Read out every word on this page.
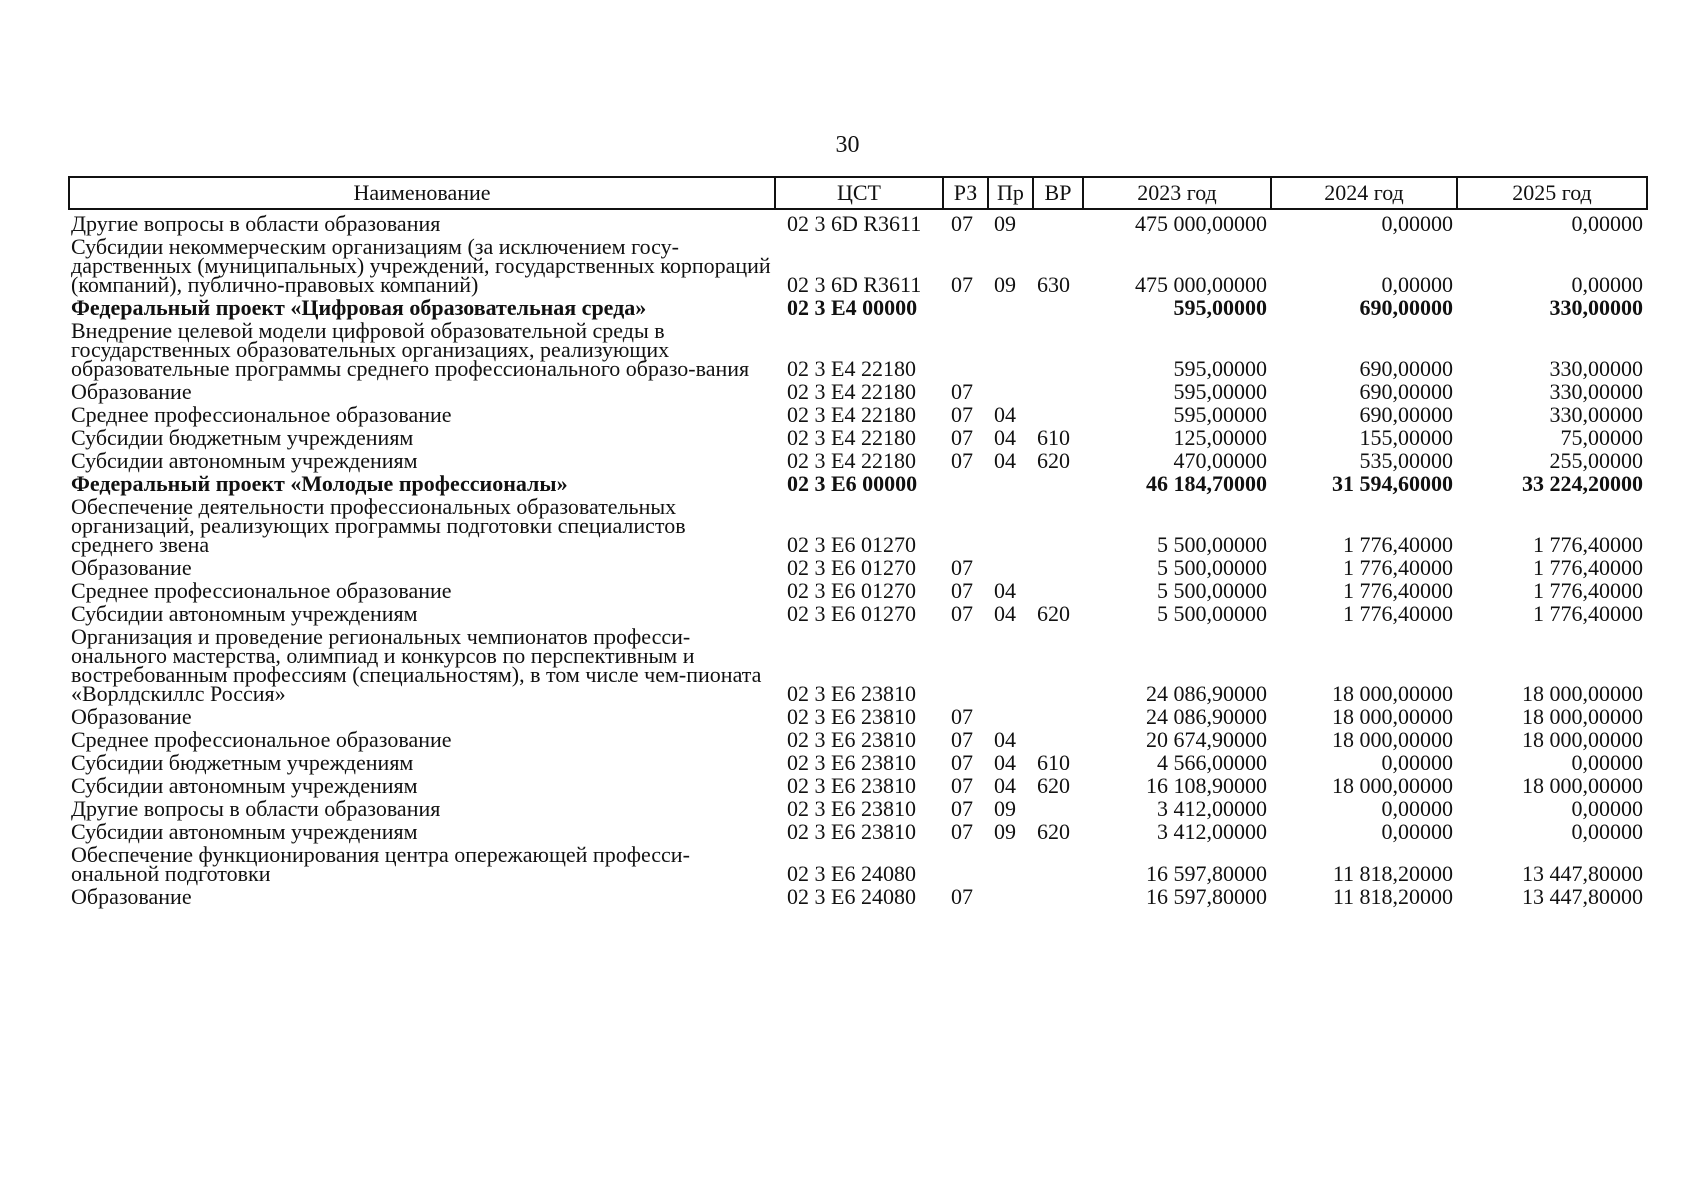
30
Наименование	ЦСТ	РЗ	Пр	ВР	2023 год	2024 год	2025 год
Другие вопросы в области образования	02 3 6D R3611	07	09		475 000,00000	0,00000	0,00000
Субсидии некоммерческим организациям (за исключением госу-дарственных (муниципальных) учреждений, государственных корпораций (компаний), публично-правовых компаний)	02 3 6D R3611	07	09	630	475 000,00000	0,00000	0,00000
Федеральный проект «Цифровая образовательная среда»	02 3 E4 00000				595,00000	690,00000	330,00000
Внедрение целевой модели цифровой образовательной среды в государственных образовательных организациях, реализующих образовательные программы среднего профессионального образо-вания	02 3 E4 22180				595,00000	690,00000	330,00000
Образование	02 3 E4 22180	07			595,00000	690,00000	330,00000
Среднее профессиональное образование	02 3 E4 22180	07	04		595,00000	690,00000	330,00000
Субсидии бюджетным учреждениям	02 3 E4 22180	07	04	610	125,00000	155,00000	75,00000
Субсидии автономным учреждениям	02 3 E4 22180	07	04	620	470,00000	535,00000	255,00000
Федеральный проект «Молодые профессионалы»	02 3 E6 00000				46 184,70000	31 594,60000	33 224,20000
Обеспечение деятельности профессиональных образовательных организаций, реализующих программы подготовки специалистов среднего звена	02 3 E6 01270				5 500,00000	1 776,40000	1 776,40000
Образование	02 3 E6 01270	07			5 500,00000	1 776,40000	1 776,40000
Среднее профессиональное образование	02 3 E6 01270	07	04		5 500,00000	1 776,40000	1 776,40000
Субсидии автономным учреждениям	02 3 E6 01270	07	04	620	5 500,00000	1 776,40000	1 776,40000
Организация и проведение региональных чемпионатов професси-онального мастерства, олимпиад и конкурсов по перспективным и востребованным профессиям (специальностям), в том числе чем-пионата «Ворлдскиллс Россия»	02 3 E6 23810				24 086,90000	18 000,00000	18 000,00000
Образование	02 3 E6 23810	07			24 086,90000	18 000,00000	18 000,00000
Среднее профессиональное образование	02 3 E6 23810	07	04		20 674,90000	18 000,00000	18 000,00000
Субсидии бюджетным учреждениям	02 3 E6 23810	07	04	610	4 566,00000	0,00000	0,00000
Субсидии автономным учреждениям	02 3 E6 23810	07	04	620	16 108,90000	18 000,00000	18 000,00000
Другие вопросы в области образования	02 3 E6 23810	07	09		3 412,00000	0,00000	0,00000
Субсидии автономным учреждениям	02 3 E6 23810	07	09	620	3 412,00000	0,00000	0,00000
Обеспечение функционирования центра опережающей професси-ональной подготовки	02 3 E6 24080				16 597,80000	11 818,20000	13 447,80000
Образование	02 3 E6 24080	07			16 597,80000	11 818,20000	13 447,80000
